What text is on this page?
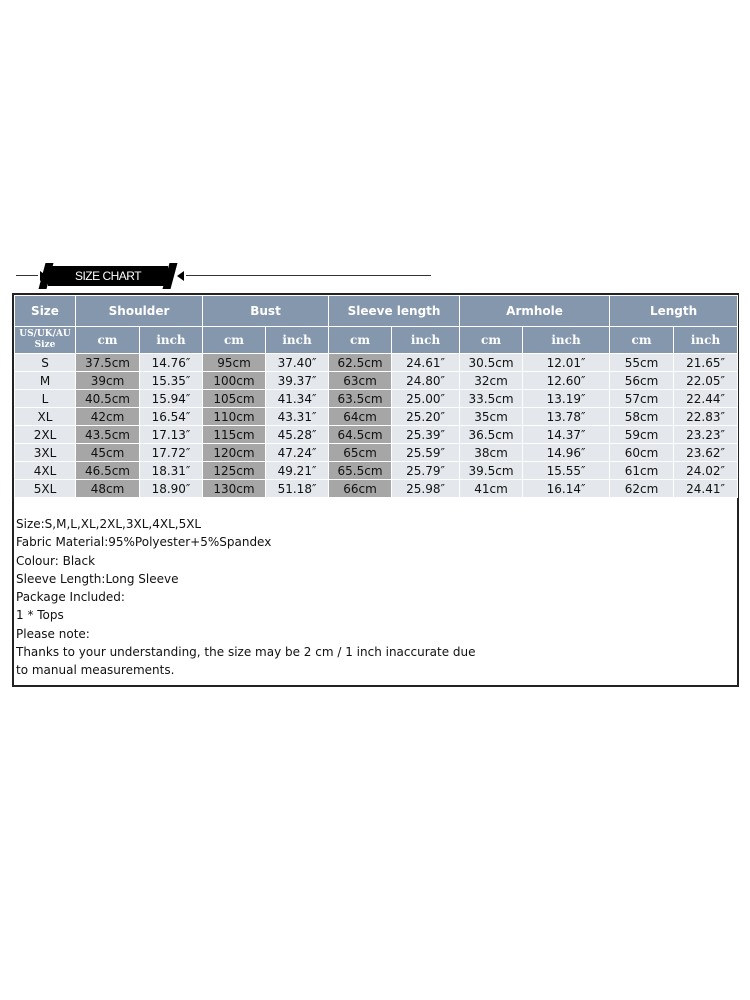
SIZE CHART
Size	Shoulder		Bust		Sleeve length		Armhole		Length	
US/UK/AU Size	cm	inch	cm	inch	cm	inch	cm	inch	cm	inch
S	37.5cm	14.76″	95cm	37.40″	62.5cm	24.61″	30.5cm	12.01″	55cm	21.65″
M	39cm	15.35″	100cm	39.37″	63cm	24.80″	32cm	12.60″	56cm	22.05″
L	40.5cm	15.94″	105cm	41.34″	63.5cm	25.00″	33.5cm	13.19″	57cm	22.44″
XL	42cm	16.54″	110cm	43.31″	64cm	25.20″	35cm	13.78″	58cm	22.83″
2XL	43.5cm	17.13″	115cm	45.28″	64.5cm	25.39″	36.5cm	14.37″	59cm	23.23″
3XL	45cm	17.72″	120cm	47.24″	65cm	25.59″	38cm	14.96″	60cm	23.62″
4XL	46.5cm	18.31″	125cm	49.21″	65.5cm	25.79″	39.5cm	15.55″	61cm	24.02″
5XL	48cm	18.90″	130cm	51.18″	66cm	25.98″	41cm	16.14″	62cm	24.41″

Size:S,M,L,XL,2XL,3XL,4XL,5XL

Fabric Material:95%Polyester+5%Spandex

Colour: Black

Sleeve Length:Long Sleeve

Package Included:

1 * Tops

Please note:

Thanks to your understanding, the size may be 2 cm / 1 inch inaccurate due

to manual measurements.
